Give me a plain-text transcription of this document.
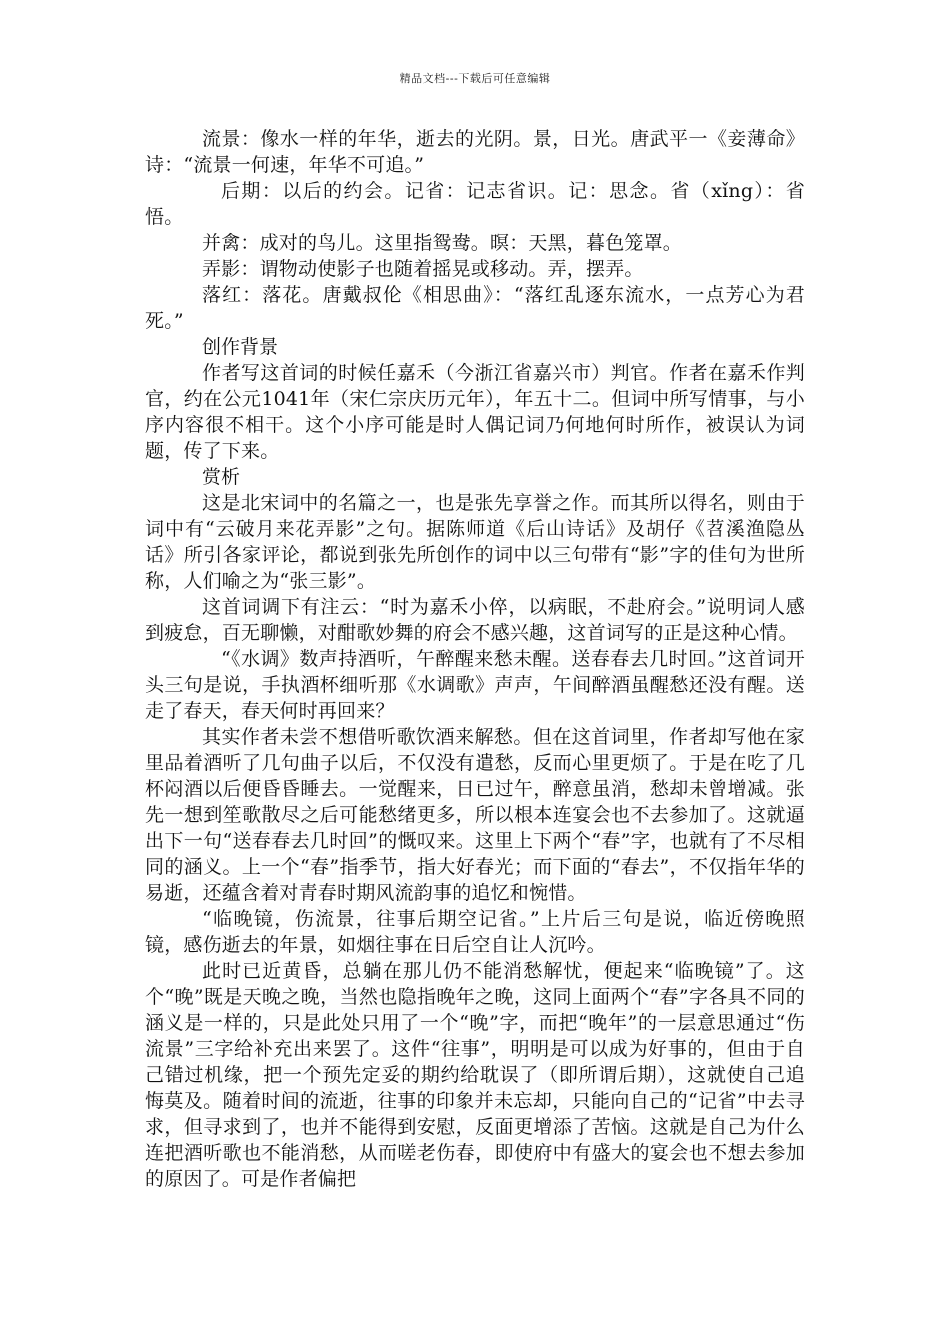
精品文档---下载后可任意编辑

流景：像水一样的年华，逝去的光阴。景，日光。唐武平一《妾薄命》诗：“流景一何速，年华不可追。”

后期：以后的约会。记省：记志省识。记：思念。省（xǐng）：省悟。

并禽：成对的鸟儿。这里指鸳鸯。暝：天黑，暮色笼罩。

弄影：谓物动使影子也随着摇晃或移动。弄，摆弄。

落红：落花。唐戴叔伦《相思曲》：“落红乱逐东流水，一点芳心为君死。”

创作背景

作者写这首词的时候任嘉禾（今浙江省嘉兴市）判官。作者在嘉禾作判官，约在公元1041年（宋仁宗庆历元年），年五十二。但词中所写情事，与小序内容很不相干。这个小序可能是时人偶记词乃何地何时所作，被误认为词题，传了下来。

赏析

这是北宋词中的名篇之一，也是张先享誉之作。而其所以得名，则由于词中有“云破月来花弄影”之句。据陈师道《后山诗话》及胡仔《苕溪渔隐丛话》所引各家评论，都说到张先所创作的词中以三句带有“影”字的佳句为世所称，人们喻之为“张三影”。

这首词调下有注云：“时为嘉禾小倅，以病眠，不赴府会。”说明词人感到疲怠，百无聊懒，对酣歌妙舞的府会不感兴趣，这首词写的正是这种心情。

“《水调》数声持酒听，午醉醒来愁未醒。送春春去几时回。”这首词开头三句是说，手执酒杯细听那《水调歌》声声，午间醉酒虽醒愁还没有醒。送走了春天，春天何时再回来？

其实作者未尝不想借听歌饮酒来解愁。但在这首词里，作者却写他在家里品着酒听了几句曲子以后，不仅没有遣愁，反而心里更烦了。于是在吃了几杯闷酒以后便昏昏睡去。一觉醒来，日已过午，醉意虽消，愁却未曾增减。张先一想到笙歌散尽之后可能愁绪更多，所以根本连宴会也不去参加了。这就逼出下一句“送春春去几时回”的慨叹来。这里上下两个“春”字，也就有了不尽相同的涵义。上一个“春”指季节，指大好春光；而下面的“春去”，不仅指年华的易逝，还蕴含着对青春时期风流韵事的追忆和惋惜。

“临晚镜，伤流景，往事后期空记省。”上片后三句是说，临近傍晚照镜，感伤逝去的年景，如烟往事在日后空自让人沉吟。

此时已近黄昏，总躺在那儿仍不能消愁解忧，便起来“临晚镜”了。这个“晚”既是天晚之晚，当然也隐指晚年之晚，这同上面两个“春”字各具不同的涵义是一样的，只是此处只用了一个“晚”字，而把“晚年”的一层意思通过“伤流景”三字给补充出来罢了。这件“往事”，明明是可以成为好事的，但由于自己错过机缘，把一个预先定妥的期约给耽误了（即所谓后期），这就使自己追悔莫及。随着时间的流逝，往事的印象并未忘却，只能向自己的“记省”中去寻求，但寻求到了，也并不能得到安慰，反面更增添了苦恼。这就是自己为什么连把酒听歌也不能消愁，从而嗟老伤春，即使府中有盛大的宴会也不想去参加的原因了。可是作者偏把
